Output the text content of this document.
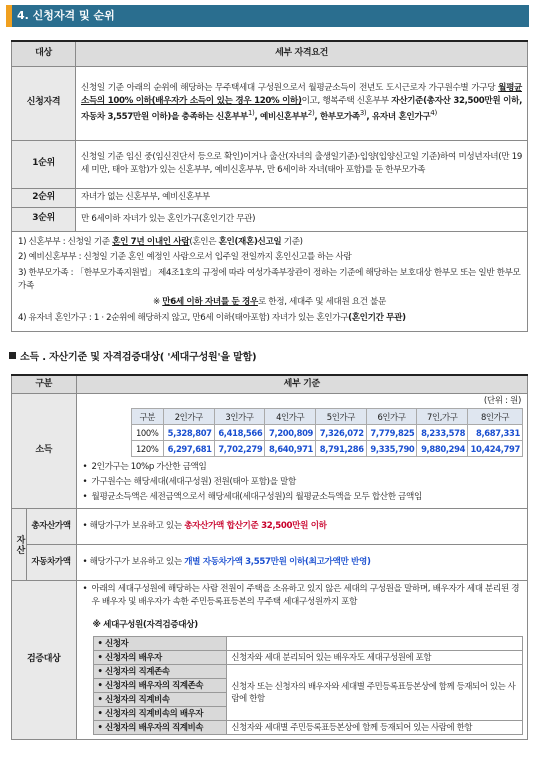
4. 신청자격 및 순위
대상	세부 자격요건
신청자격	신청일 기준 아래의 순위에 해당하는 무주택세대 구성원으로서 월평균소득이 전년도 도시근로자 가구원수별 가구당 월평균 소득의 100% 이하(배우자가 소득이 있는 경우 120% 이하)이고, 행복주택 신혼부부 자산기준(총자산 32,500만원 이하, 자동차 3,557만원 이하)을 충족하는 신혼부부$^{1)}$, 예비신혼부부$^{2)}$, 한부모가족$^{3)}$, 유자녀 혼인가구$^{4)}$
1순위	신청일 기준 임신 중(임신진단서 등으로 확인)이거나 출산(자녀의 출생일기준)·입양(입양신고일 기준)하여 미성년자녀(만 19세 미만, 태아 포함)가 있는 신혼부부, 예비신혼부부, 만 6세이하 자녀(태아 포함)를 둔 한부모가족
2순위	자녀가 없는 신혼부부, 예비신혼부부
3순위	만 6세이하 자녀가 있는 혼인가구(혼인기간 무관)

1) 신혼부부 : 신청일 기준 혼인 7년 이내인 사람(혼인은 혼인(재혼)신고일 기준)

2) 예비신혼부부 : 신청일 기준 혼인 예정인 사람으로서 입주일 전일까지 혼인신고를 하는 사람

3) 한부모가족 : 「한부모가족지원법」 제4조1호의 규정에 따라 여성가족부장관이 정하는 기준에 해당하는 보호대상 한부모 또는 일반 한부모가족

※ 만6세 이하 자녀를 둔 경우로 한정, 세대주 및 세대원 요건 불문

4) 유자녀 혼인가구 : 1 · 2순위에 해당하지 않고, 만6세 이하(태아포함) 자녀가 있는 혼인가구(혼인기간 무관)	

소득 . 자산기준 및 자격검증대상( '세대구성원'을 말함)
구분	세부 기준
소득	
(단위 : 원)
구분	2인가구	3인가구	4인가구	5인가구	6인가구	7인,가구	8인가구
100%	5,328,807	6,418,566	7,200,809	7,326,072	7,779,825	8,233,578	8,687,331
120%	6,297,681	7,702,279	8,640,971	8,791,286	9,335,790	9,880,294	10,424,797
• 2인가구는 10%p 가산한 금액임
• 가구원수는 해당세대(세대구성원) 전원(태아 포함)을 말함
• 월평균소득액은 세전금액으로서 해당세대(세대구성원)의 월평균소득액을 모두 합산한 금액임

자산	총자산가액	•해당가구가 보유하고 있는 총자산가액 합산기준 32,500만원 이하
자동차가액	•해당가구가 보유하고 있는 개별 자동차가액 3,557만원 이하(최고가액만 반영)
검증대상	
• 아래의 세대구성원에 해당하는 사람 전원이 주택을 소유하고 있지 않은 세대의 구성원을 말하며, 배우자가 세대 분리된 경우 배우자 및 배우자가 속한 주민등록표등본의 무주택 세대구성원까지 포함
※ 세대구성원(자격검증대상)
• 신청자	
• 신청자의 배우자	신청자와 세대 분리되어 있는 배우자도 세대구성원에 포함
• 신청자의 직계존속	신청자 또는 신청자의 배우자와 세대별 주민등록표등본상에 함께 등재되어 있는 사람에 한함
• 신청자의 배우자의 직계존속
• 신청자의 직계비속
• 신청자의 직계비속의 배우자
• 신청자의 배우자의 직계비속	신청자와 세대별 주민등록표등본상에 함께 등재되어 있는 사람에 한함
